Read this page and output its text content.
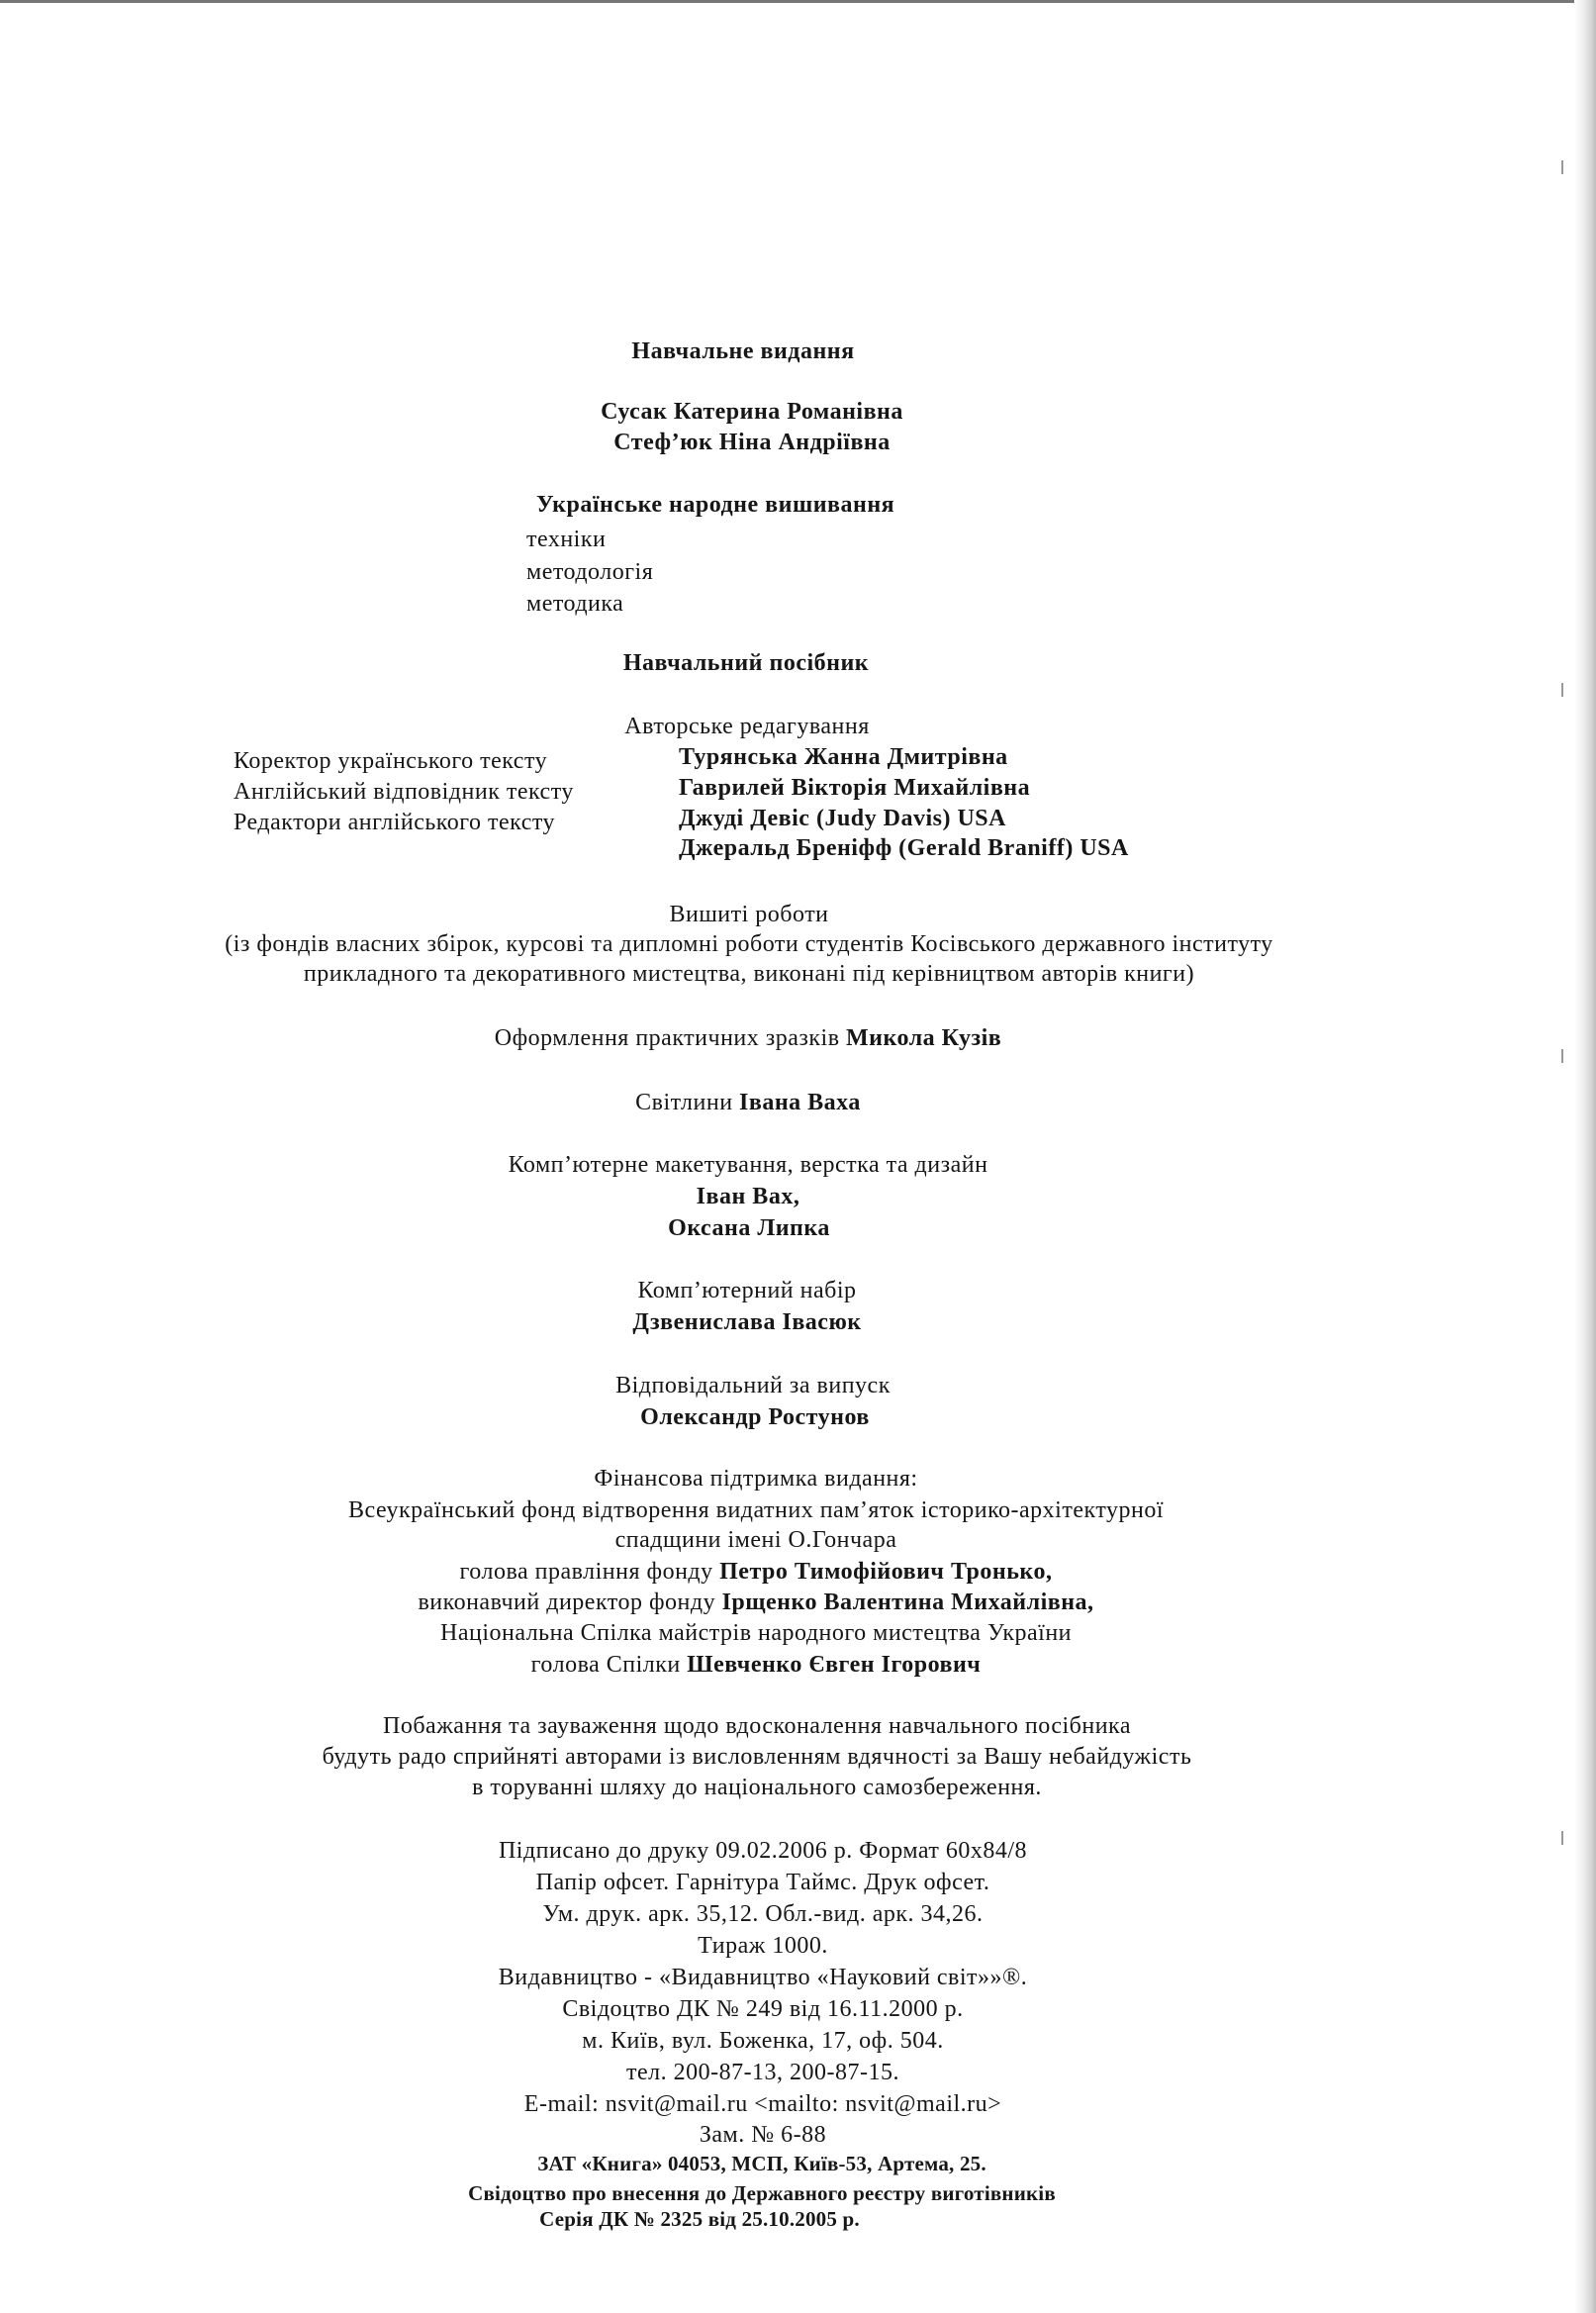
Навчальне видання
Сусак Катерина Романівна
Стеф’юк Ніна Андріївна
Українське народне вишивання
техніки
методологія
методика
Навчальний посібник
Авторське редагування
Коректор українського тексту	Турянська Жанна Дмитрівна
Англійський відповідник тексту	Гаврилей Вікторія Михайлівна
Редактори англійського тексту	Джуді Девіс (Judy Davis) USA
Джеральд Бреніфф (Gerald Braniff) USA
Вишиті роботи
(із фондів власних збірок, курсові та дипломні роботи студентів Косівського державного інституту
прикладного та декоративного мистецтва, виконані під керівництвом авторів книги)
Оформлення практичних зразків Микола Кузів
Світлини Івана Ваха
Комп’ютерне макетування, верстка та дизайн
Іван Вах,
Оксана Липка
Комп’ютерний набір
Дзвенислава Івасюк
Відповідальний за випуск
Олександр Ростунов
Фінансова підтримка видання:
Всеукраїнський фонд відтворення видатних пам’яток історико-архітектурної
спадщини імені О.Гончара
голова правління фонду Петро Тимофійович Тронько,
виконавчий директор фонду Ірщенко Валентина Михайлівна,
Національна Спілка майстрів народного мистецтва України
голова Спілки Шевченко Євген Ігорович
Побажання та зауваження щодо вдосконалення навчального посібника
будуть радо сприйняті авторами із висловленням вдячності за Вашу небайдужість
в торуванні шляху до національного самозбереження.
Підписано до друку 09.02.2006 р. Формат 60х84/8
Папір офсет. Гарнітура Таймс. Друк офсет.
Ум. друк. арк. 35,12. Обл.-вид. арк. 34,26.
Тираж 1000.
Видавництво - «Видавництво «Науковий світ»»®.
Свідоцтво ДК № 249 від 16.11.2000 р.
м. Київ, вул. Боженка, 17, оф. 504.
тел. 200-87-13, 200-87-15.
E-mail: nsvit@mail.ru <mailto: nsvit@mail.ru>
Зам. № 6-88
ЗАТ «Книга» 04053, МСП, Київ-53, Артема, 25.
Свідоцтво про внесення до Державного реєстру виготівників
Серія ДК № 2325 від 25.10.2005 р.
